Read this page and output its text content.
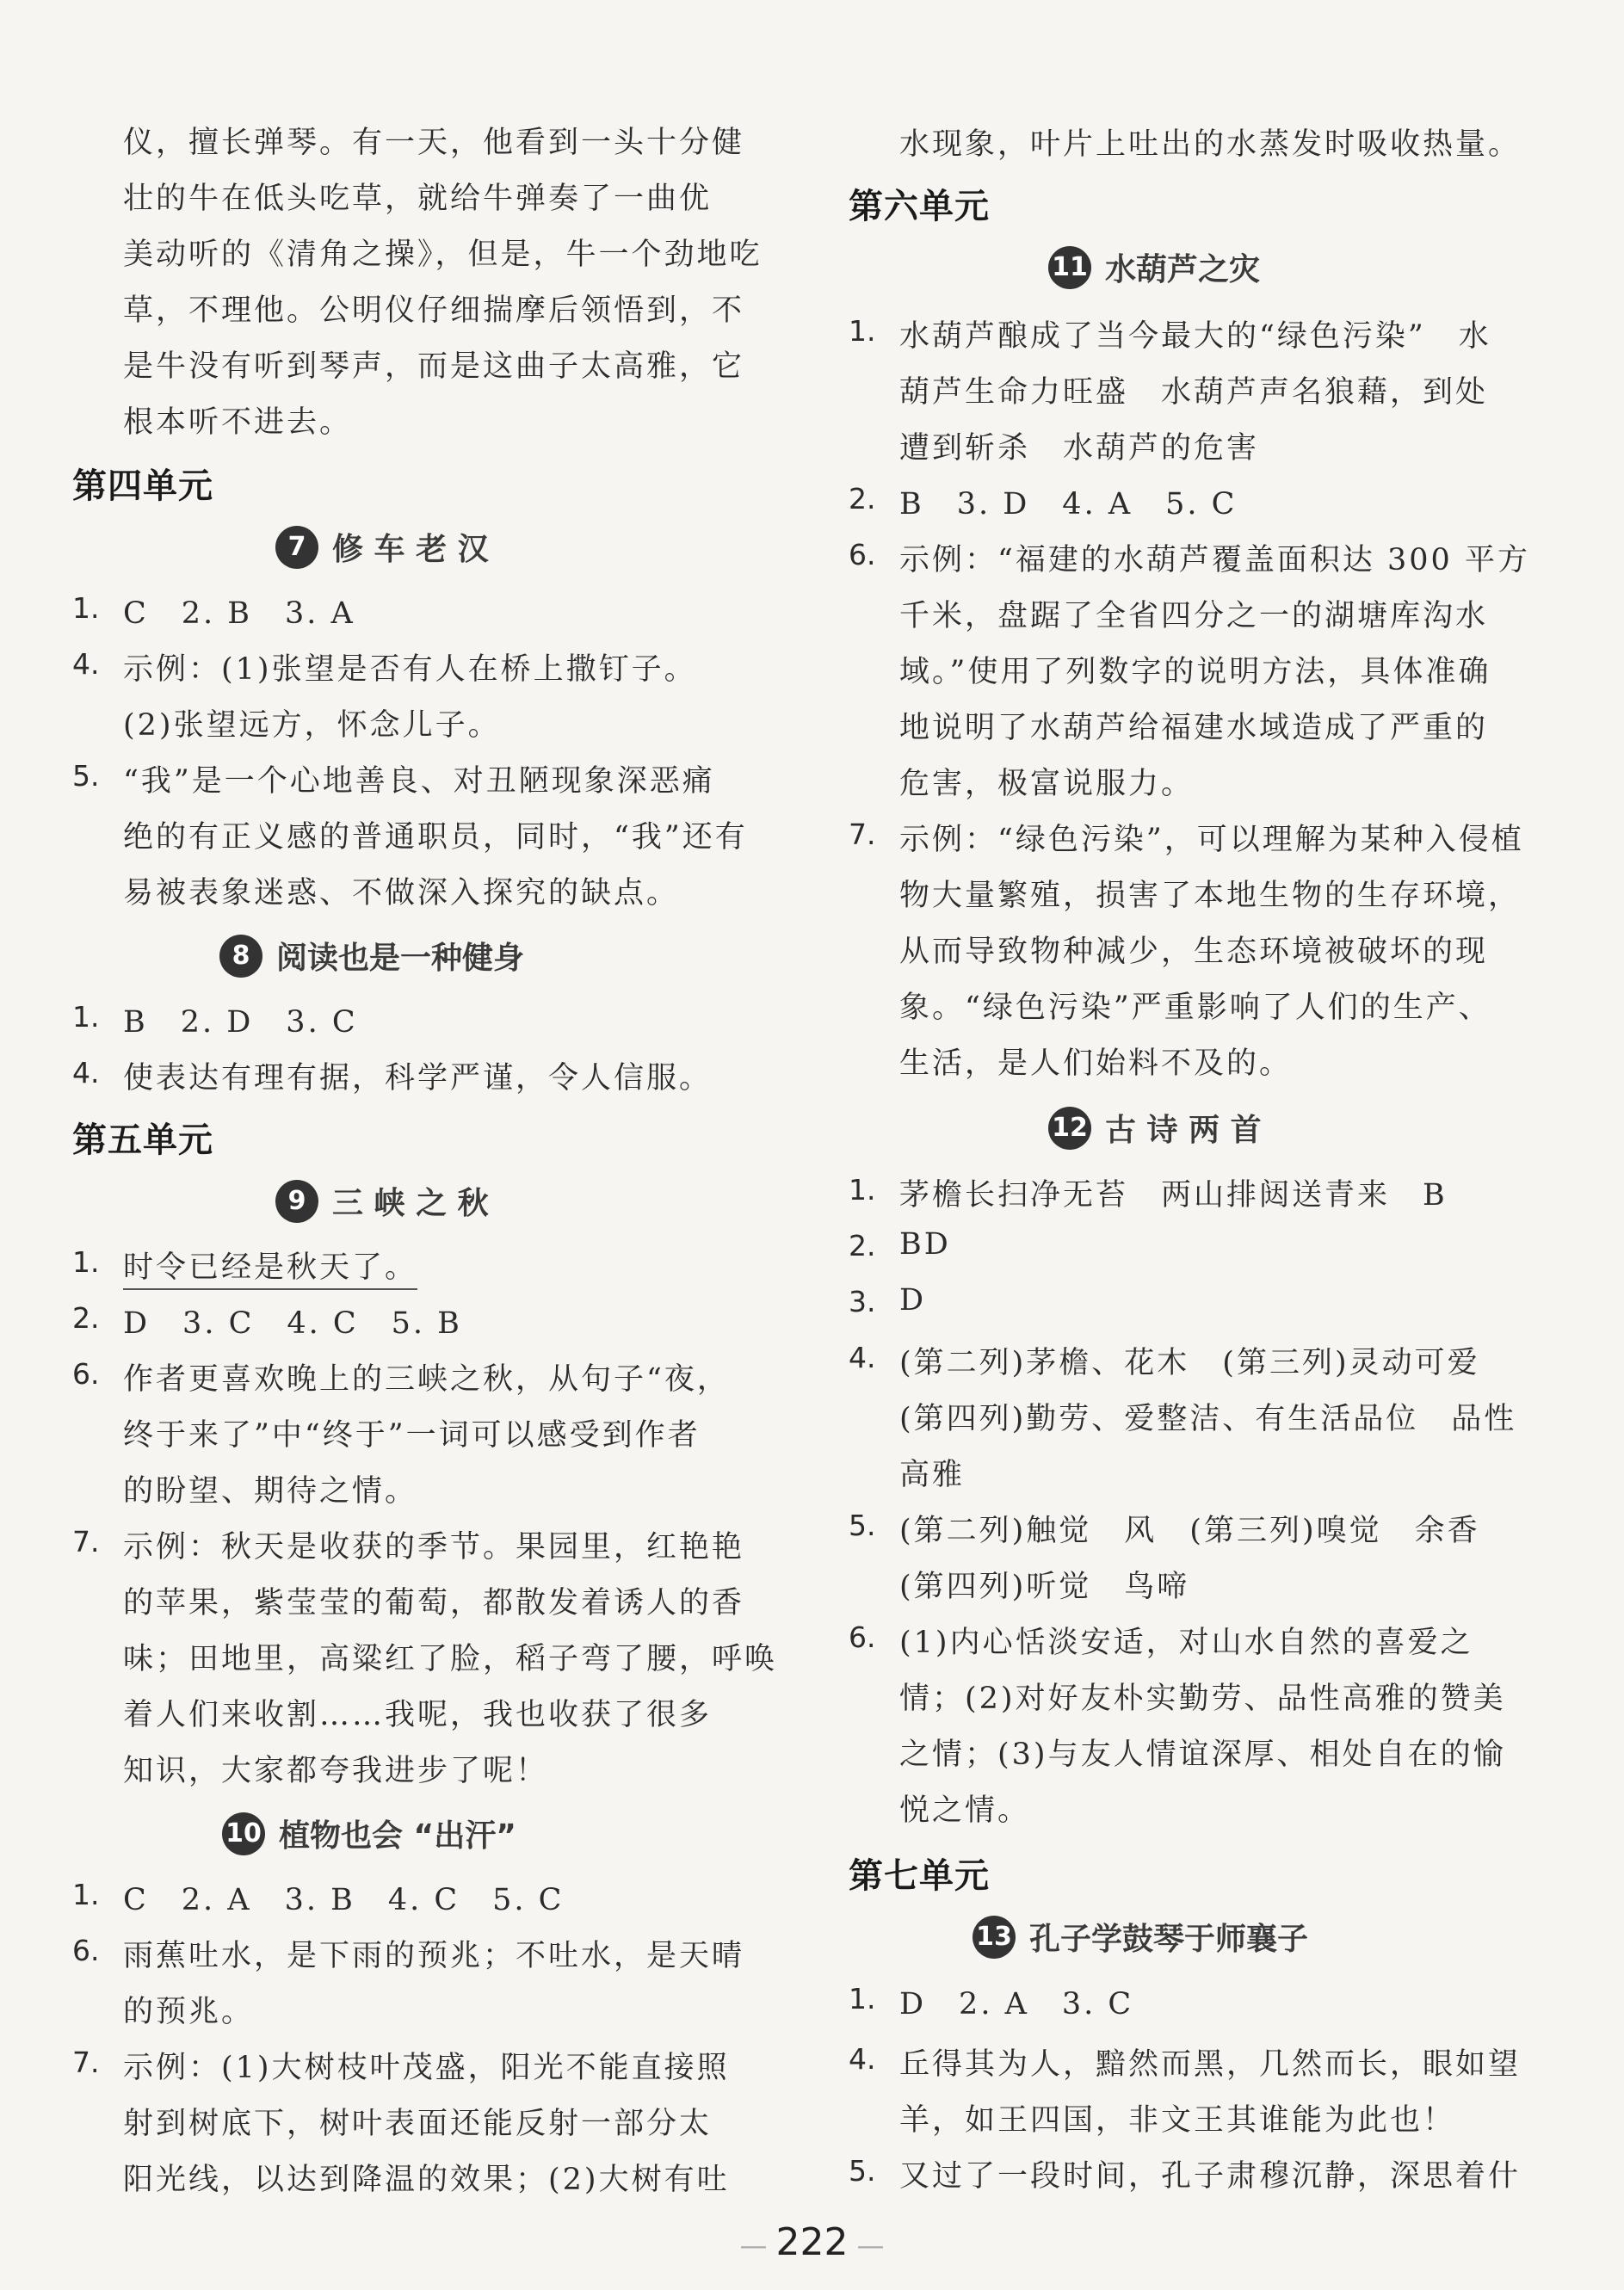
仪，擅长弹琴。有一天，他看到一头十分健
壮的牛在低头吃草，就给牛弹奏了一曲优
美动听的《清角之操》，但是，牛一个劲地吃
草，不理他。公明仪仔细揣摩后领悟到，不
是牛没有听到琴声，而是这曲子太高雅，它
根本听不进去。
第四单元
7 修 车 老 汉
1. C　2. B　3. A
4. 示例：(1)张望是否有人在桥上撒钉子。
(2)张望远方，怀念儿子。
5. “我”是一个心地善良、对丑陋现象深恶痛
绝的有正义感的普通职员，同时，“我”还有
易被表象迷惑、不做深入探究的缺点。
8 阅读也是一种健身
1. B　2. D　3. C
4. 使表达有理有据，科学严谨，令人信服。
第五单元
9 三 峡 之 秋
1. 时令已经是秋天了。
2. D　3. C　4. C　5. B
6. 作者更喜欢晚上的三峡之秋，从句子“夜，
终于来了”中“终于”一词可以感受到作者
的盼望、期待之情。
7. 示例：秋天是收获的季节。果园里，红艳艳
的苹果，紫莹莹的葡萄，都散发着诱人的香
味；田地里，高粱红了脸，稻子弯了腰，呼唤
着人们来收割……我呢，我也收获了很多
知识，大家都夸我进步了呢！
10 植物也会 “出汗”
1. C　2. A　3. B　4. C　5. C
6. 雨蕉吐水，是下雨的预兆；不吐水，是天晴
的预兆。
7. 示例：(1)大树枝叶茂盛，阳光不能直接照
射到树底下，树叶表面还能反射一部分太
阳光线，以达到降温的效果；(2)大树有吐
水现象，叶片上吐出的水蒸发时吸收热量。
第六单元
11 水葫芦之灾
1. 水葫芦酿成了当今最大的“绿色污染”　水
葫芦生命力旺盛　水葫芦声名狼藉，到处
遭到斩杀　水葫芦的危害
2. B　3. D　4. A　5. C
6. 示例：“福建的水葫芦覆盖面积达 300 平方
千米，盘踞了全省四分之一的湖塘库沟水
域。”使用了列数字的说明方法，具体准确
地说明了水葫芦给福建水域造成了严重的
危害，极富说服力。
7. 示例：“绿色污染”，可以理解为某种入侵植
物大量繁殖，损害了本地生物的生存环境，
从而导致物种减少，生态环境被破坏的现
象。“绿色污染”严重影响了人们的生产、
生活，是人们始料不及的。
12 古 诗 两 首
1. 茅檐长扫净无苔　两山排闼送青来　B
2. BD
3. D
4. (第二列)茅檐、花木　(第三列)灵动可爱
(第四列)勤劳、爱整洁、有生活品位　品性
高雅
5. (第二列)触觉　风　(第三列)嗅觉　余香
(第四列)听觉　鸟啼
6. (1)内心恬淡安适，对山水自然的喜爱之
情；(2)对好友朴实勤劳、品性高雅的赞美
之情；(3)与友人情谊深厚、相处自在的愉
悦之情。
第七单元
13 孔子学鼓琴于师襄子
1. D　2. A　3. C
4. 丘得其为人，黯然而黑，几然而长，眼如望
羊，如王四国，非文王其谁能为此也！
5. 又过了一段时间，孔子肃穆沉静，深思着什
— 222 —
